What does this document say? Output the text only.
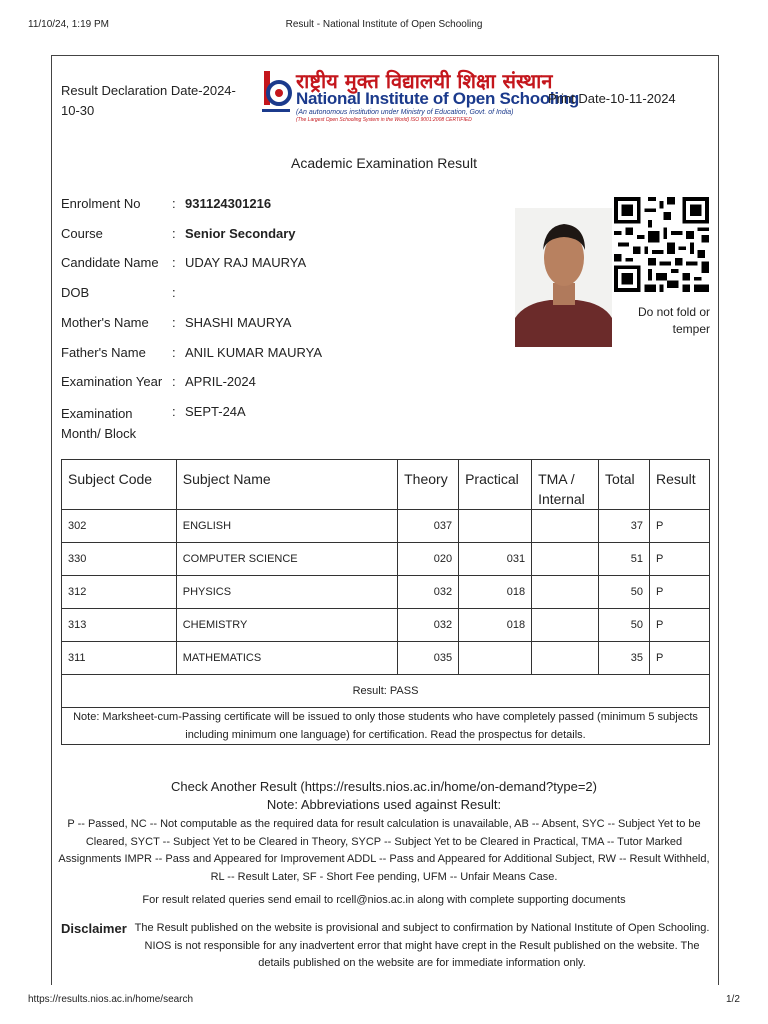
11/10/24, 1:19 PM	Result - National Institute of Open Schooling
Result Declaration Date-2024-10-30
राष्ट्रीय मुक्त विद्यालयी शिक्षा संस्थान
National Institute of Open Schooling
(An autonomous institution under Ministry of Education, Govt. of India)
(The Largest Open Schooling System in the World) ISO 9001:2008 CERTIFIED
Print Date-10-11-2024
Academic Examination Result
Enrolment No	: 931124301216
Course	: Senior Secondary
Candidate Name	: UDAY RAJ MAURYA
DOB	:
Mother's Name	: SHASHI MAURYA
Father's Name	: ANIL KUMAR MAURYA
Examination Year : APRIL-2024
Examination Month/ Block
: SEPT-24A
Do not fold or temper
Subject Code	Subject Name	Theory	Practical	TMA / Internal	Total	Result
302	ENGLISH	037			37	P
330	COMPUTER SCIENCE	020	031		51	P
312	PHYSICS	032	018		50	P
313	CHEMISTRY	032	018		50	P
311	MATHEMATICS	035			35	P
Result: PASS						
Note: Marksheet-cum-Passing certificate will be issued to only those students who have completely passed (minimum 5 subjects including minimum one language) for certification. Read the prospectus for details.						
Check Another Result (https://results.nios.ac.in/home/on-demand?type=2)
Note: Abbreviations used against Result:
P -- Passed, NC -- Not computable as the required data for result calculation is unavailable, AB -- Absent, SYC -- Subject Yet to be Cleared, SYCT -- Subject Yet to be Cleared in Theory, SYCP -- Subject Yet to be Cleared in Practical, TMA -- Tutor Marked Assignments IMPR -- Pass and Appeared for Improvement ADDL -- Pass and Appeared for Additional Subject, RW -- Result Withheld, RL -- Result Later, SF - Short Fee pending, UFM -- Unfair Means Case.
For result related queries send email to rcell@nios.ac.in along with complete supporting documents
Disclaimer The Result published on the website is provisional and subject to confirmation by National Institute of Open Schooling. NIOS is not responsible for any inadvertent error that might have crept in the Result published on the website. The details published on the website are for immediate information only.
https://results.nios.ac.in/home/search	1/2
